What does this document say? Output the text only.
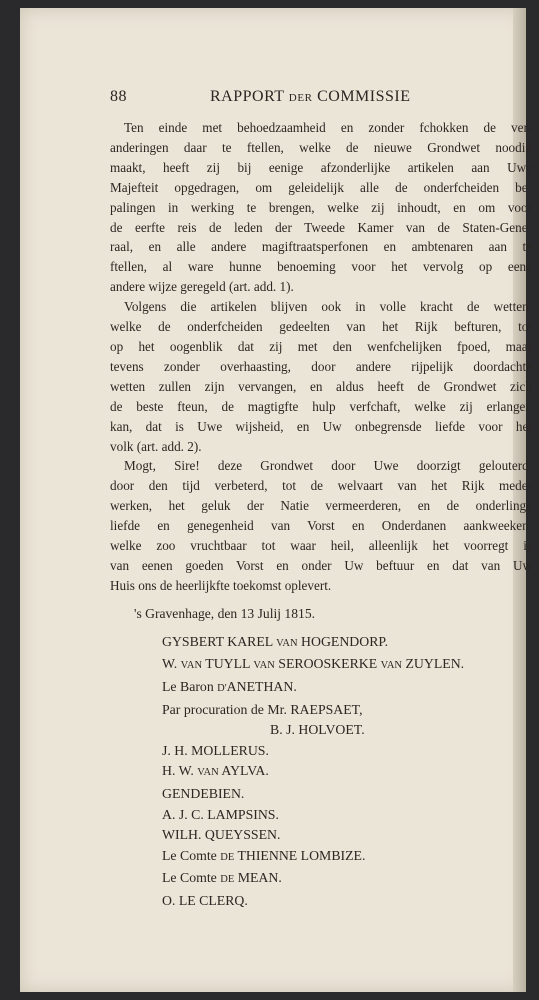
88	RAPPORT DER COMMISSIE

Ten einde met behoedzaamheid en zonder fchokken de ver-
anderingen daar te ftellen, welke de nieuwe Grondwet noodig
maakt, heeft zij bij eenige afzonderlijke artikelen aan Uwe
Majefteit opgedragen, om geleidelijk alle de onderfcheiden be-
palingen in werking te brengen, welke zij inhoudt, en om voor
de eerfte reis de leden der Tweede Kamer van de Staten-Gene-
raal, en alle andere magiftraatsperfonen en ambtenaren aan te
ftellen, al ware hunne benoeming voor het vervolg op eene
andere wijze geregeld (art. add. 1).

Volgens die artikelen blijven ook in volle kracht de wetten,
welke de onderfcheiden gedeelten van het Rijk befturen, tot
op het oogenblik dat zij met den wenfchelijken fpoed, maar
tevens zonder overhaasting, door andere rijpelijk doordachte
wetten zullen zijn vervangen, en aldus heeft de Grondwet zich
de beste fteun, de magtigfte hulp verfchaft, welke zij erlangen
kan, dat is Uwe wijsheid, en Uw onbegrensde liefde voor het
volk (art. add. 2).

Mogt, Sire! deze Grondwet door Uwe doorzigt gelouterd,
door den tijd verbeterd, tot de welvaart van het Rijk mede-
werken, het geluk der Natie vermeerderen, en de onderlinge
liefde en genegenheid van Vorst en Onderdanen aankweeken,
welke zoo vruchtbaar tot waar heil, alleenlijk het voorregt is
van eenen goeden Vorst en onder Uw beftuur en dat van Uw
Huis ons de heerlijkfte toekomst oplevert.

's Gravenhage, den 13 Julij 1815.
GYSBERT KAREL VAN HOGENDORP.
W. VAN TUYLL VAN SEROOSKERKE VAN ZUYLEN.
Le Baron D'ANETHAN.
Par procuration de Mr. RAEPSAET,
B. J. HOLVOET.
J. H. MOLLERUS.
H. W. VAN AYLVA.
GENDEBIEN.
A. J. C. LAMPSINS.
WILH. QUEYSSEN.
Le Comte DE THIENNE LOMBIZE.
Le Comte DE MEAN.
O. LE CLERQ.
